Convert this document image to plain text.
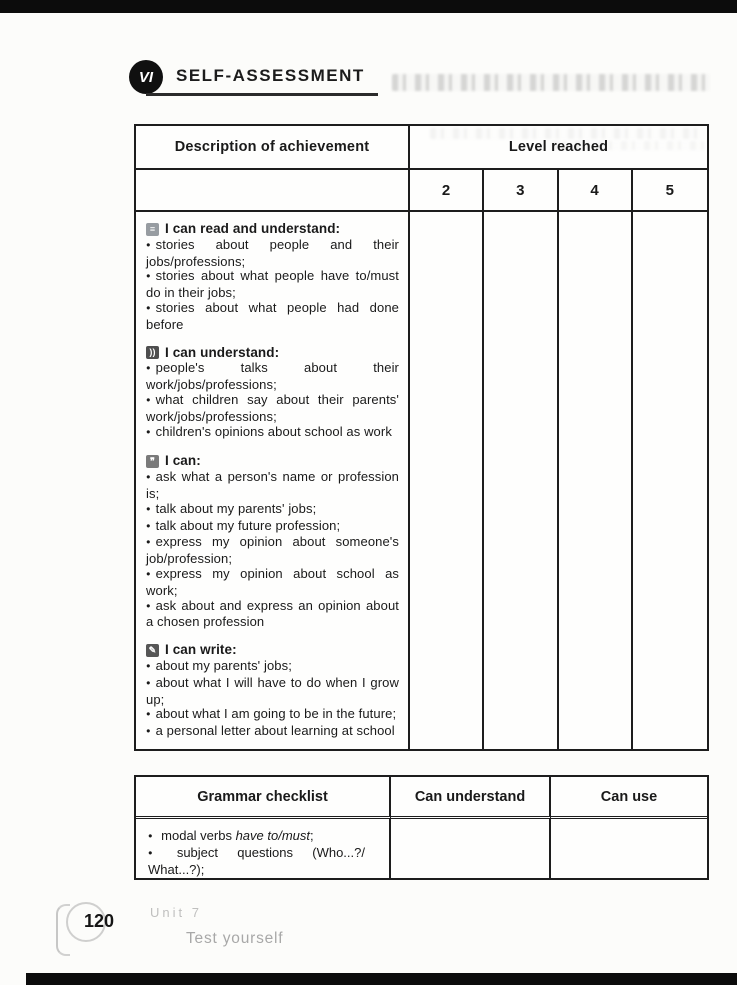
VI SELF-ASSESSMENT
Description of achievement	Level reached
2	3	4	5
≡ I can read and understand:
● stories about people and their jobs/professions;
● stories about what people have to/must do in their jobs;
● stories about what people had done before
)) I can understand:
● people's talks about their work/jobs/professions;
● what children say about their parents' work/jobs/professions;
● children's opinions about school as work
❞ I can:
● ask what a person's name or profession is;
● talk about my parents' jobs;
● talk about my future profession;
● express my opinion about someone's job/profession;
● express my opinion about school as work;
● ask about and express an opinion about a chosen profession
✎ I can write:
● about my parents' jobs;
● about what I will have to do when I grow up;
● about what I am going to be in the future;
● a personal letter about learning at school
Grammar checklist	Can understand	Can use
● modal verbs have to/must;
● subject questions (Who...?/ What...?);
120	Unit 7
Test yourself
